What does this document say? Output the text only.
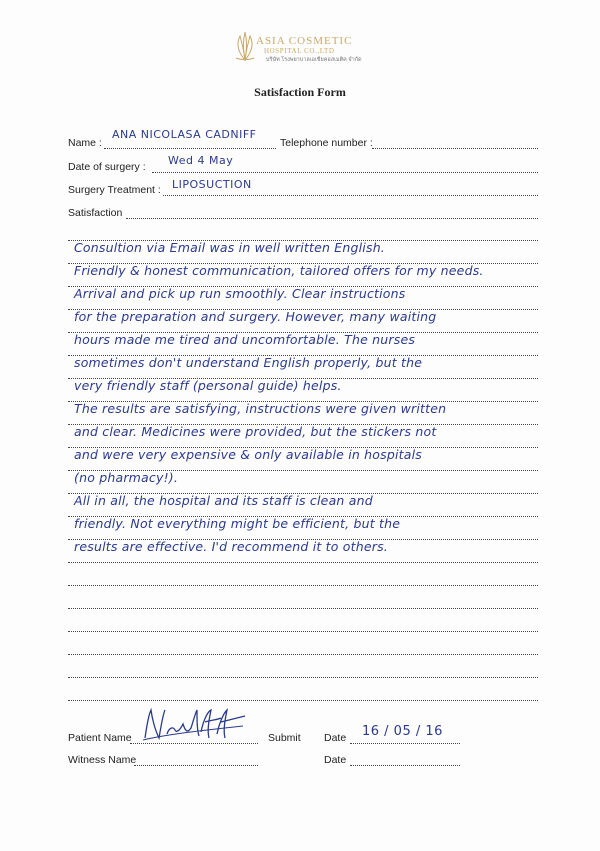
ASIA COSMETIC
HOSPITAL CO.,LTD
บริษัท โรงพยาบาลเอเชียคอสเมติค จำกัด
Satisfaction Form
Name :
ANA NICOLASA CADNIFF
Telephone number :
Date of surgery : Wed 4 May
Surgery Treatment : LIPOSUCTION
Satisfaction
Consultion via Email was in well written English.
Friendly & honest communication, tailored offers for my needs.
Arrival and pick up run smoothly. Clear instructions
for the preparation and surgery. However, many waiting
hours made me tired and uncomfortable. The nurses
sometimes don't understand English properly, but the
very friendly staff (personal guide) helps.
The results are satisfying, instructions were given written
and clear. Medicines were provided, but the stickers not
and were very expensive & only available in hospitals
(no pharmacy!).
All in all, the hospital and its staff is clean and
friendly. Not everything might be efficient, but the
results are effective. I'd recommend it to others.
Patient Name	Submit Date 16 / 05 / 16
Witness Name	Date
